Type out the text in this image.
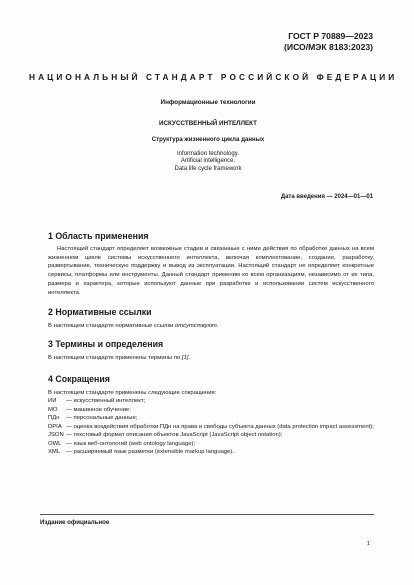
ГОСТ Р 70889—2023
(ИСО/МЭК 8183:2023)
НАЦИОНАЛЬНЫЙ СТАНДАРТ РОССИЙСКОЙ ФЕДЕРАЦИИ
Информационные технологии
ИСКУССТВЕННЫЙ ИНТЕЛЛЕКТ
Структура жизненного цикла данных
Information technology.
Artificial intelligence.
Data life cycle framework
Дата введения — 2024—01—01
1 Область применения
Настоящий стандарт определяет возможные стадии и связанные с ними действия по обработке данных на всем жизненном цикле системы искусственного интеллекта, включая комплектование, создание, разработку, развертывание, техническую поддержку и вывод из эксплуатации. Настоящий стандарт не определяет конкретные сервисы, платформы или инструменты. Данный стандарт применим ко всем организациям, независимо от их типа, размера и характера, которые используют данные при разработке и использовании систем искусственного интеллекта.
2 Нормативные ссылки
В настоящем стандарте нормативные ссылки отсутствуют.
3 Термины и определения
В настоящем стандарте применены термины по [1].
4 Сокращения
В настоящем стандарте применены следующие сокращения:
ИИ	— искусственный интеллект;
МО	— машинное обучение;
ПДн	— персональные данные;
DPIA — оценка воздействия обработки ПДн на права и свободы субъекта данных (data protection impact assessment);
JSON — текстовый формат описания объектов JavaScript (JavaScript object notation);
OWL — язык веб-онтологий (web ontology language);
XML — расширяемый язык разметки (extensible markup language).
Издание официальное
1
